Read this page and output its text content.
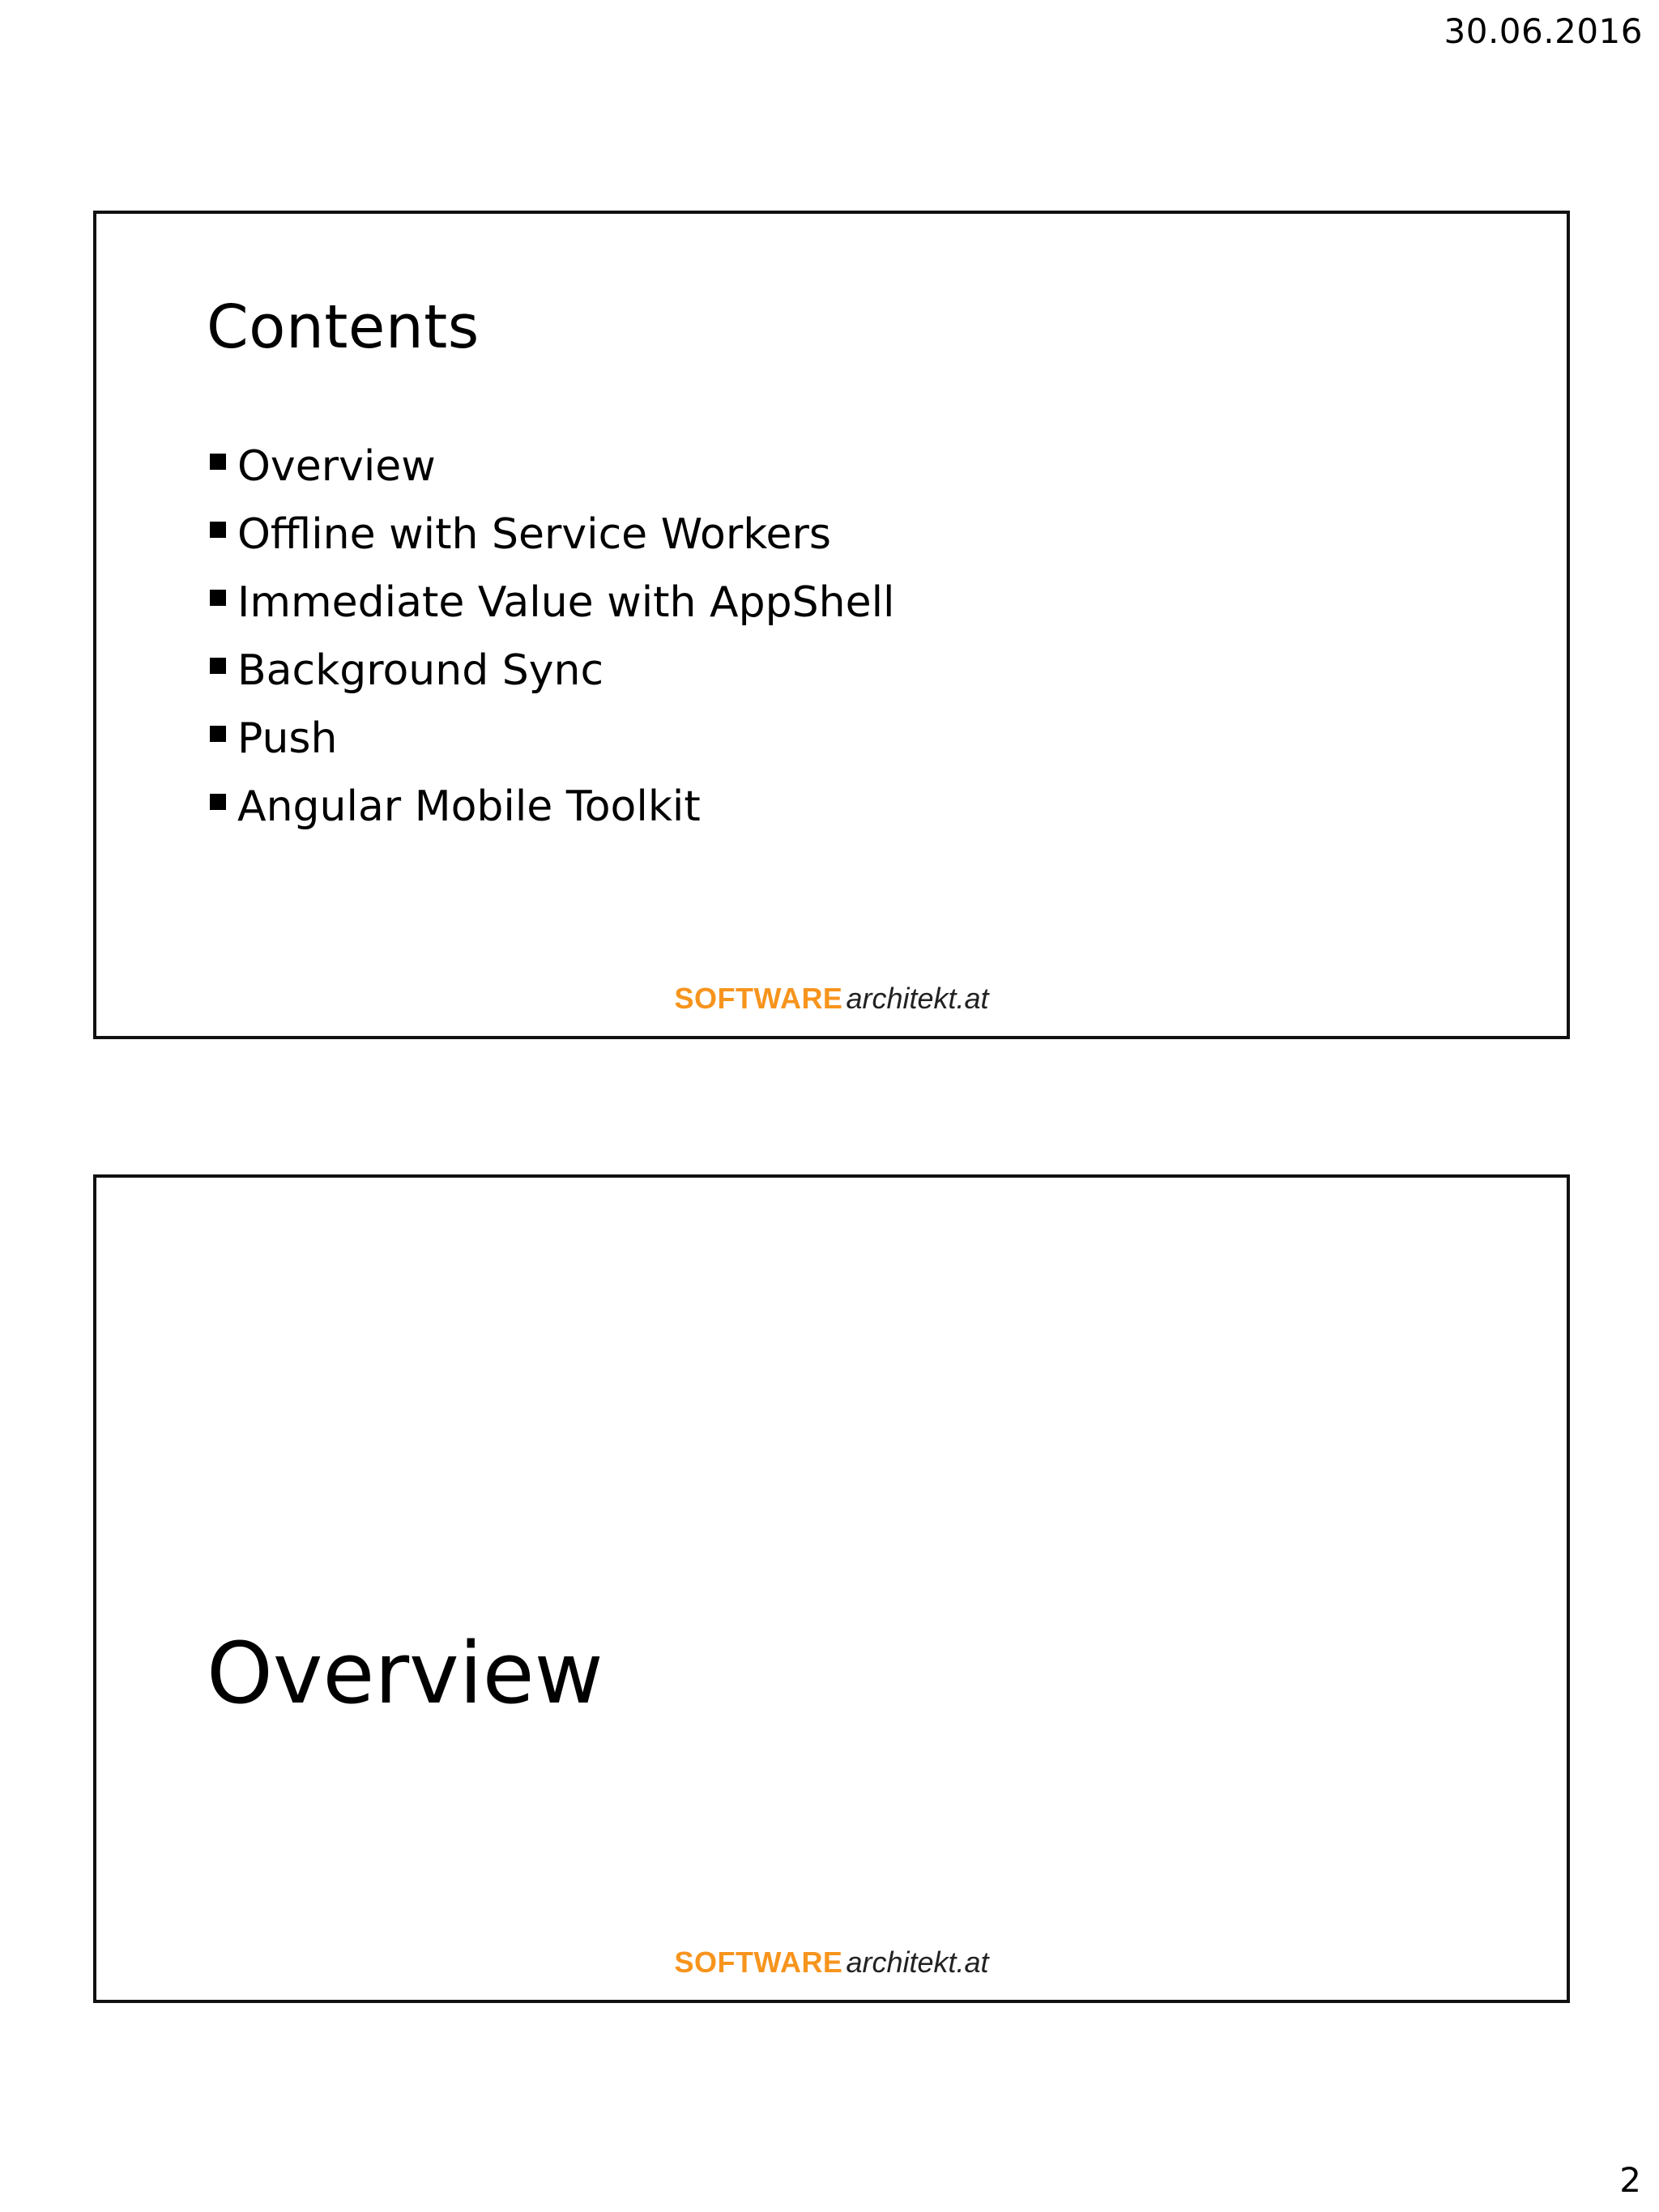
30.06.2016
Contents
Overview
Offline with Service Workers
Immediate Value with AppShell
Background Sync
Push
Angular Mobile Toolkit
SOFTWARE architekt.at
Overview
SOFTWARE architekt.at
2
